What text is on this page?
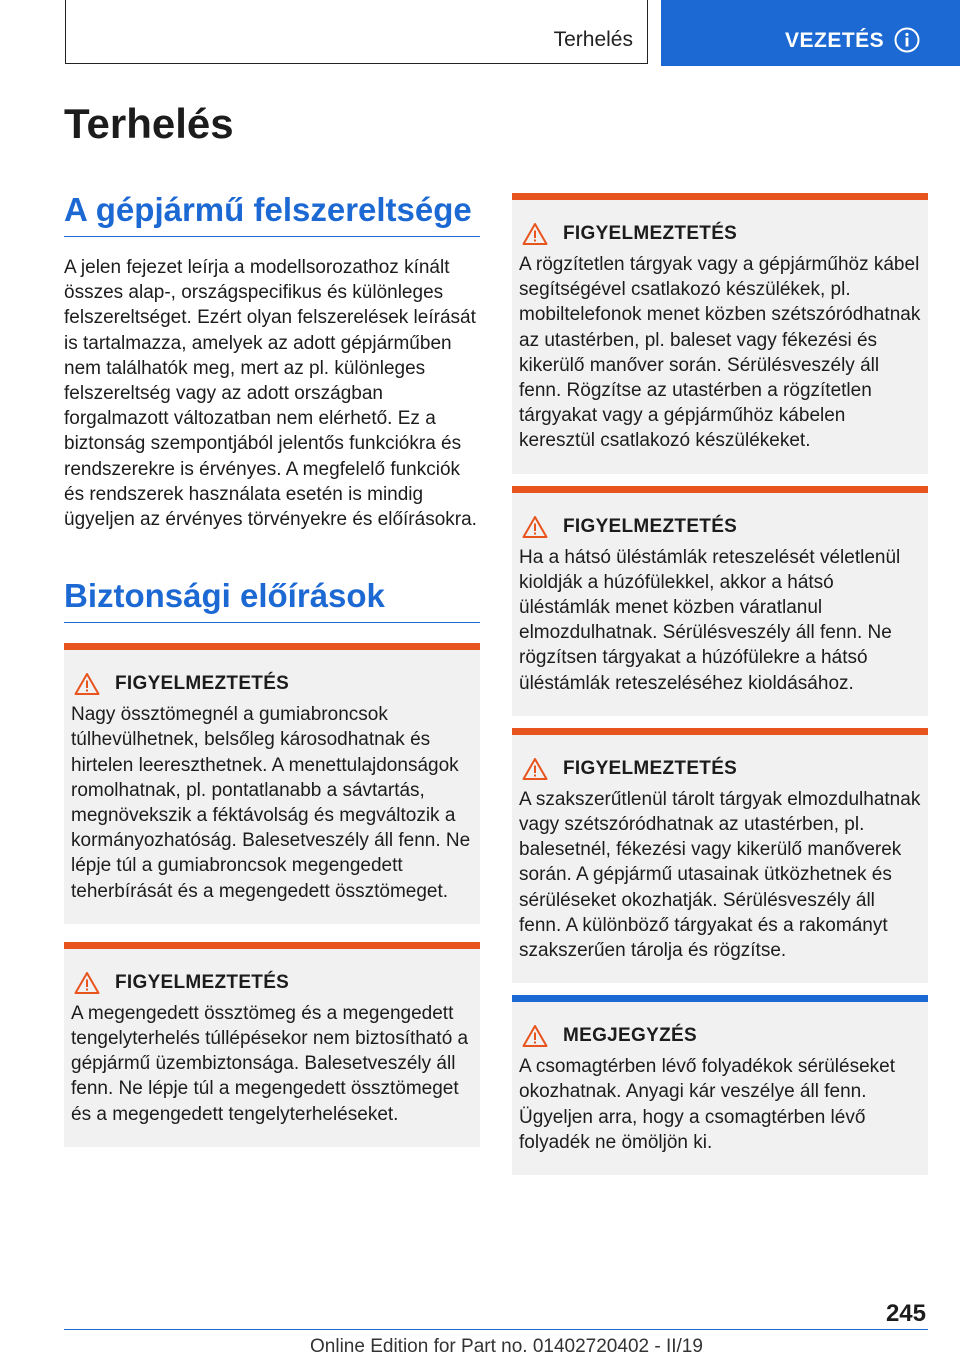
Terhelés	VEZETÉS
Terhelés
A gépjármű felszereltsége

A jelen fejezet leírja a modellsorozathoz kínált összes alap-, országspecifikus és különleges felszereltséget. Ezért olyan felszerelések leírását is tartalmazza, amelyek az adott gépjárműben nem találhatók meg, mert az pl. különleges felszereltség vagy az adott országban forgalmazott változatban nem elérhető. Ez a biztonság szempontjából jelentős funkciókra és rendszerekre is érvényes. A megfelelő funkciók és rendszerek használata esetén is mindig ügyeljen az érvényes törvényekre és előírásokra.

Biztonsági előírások
FIGYELMEZTETÉS

Nagy össztömegnél a gumiabroncsok túlhevülhetnek, belsőleg károsodhatnak és hirtelen leereszthetnek. A menettulajdonságok romolhatnak, pl. pontatlanabb a sávtartás, megnövekszik a féktávolság és megváltozik a kormányozhatóság. Balesetveszély áll fenn. Ne lépje túl a gumiabroncsok megengedett teherbírását és a megengedett össztömeget.

FIGYELMEZTETÉS

A megengedett össztömeg és a megengedett tengelyterhelés túllépésekor nem biztosítható a gépjármű üzembiztonsága. Balesetveszély áll fenn. Ne lépje túl a megengedett össztömeget és a megengedett tengelyterheléseket.

FIGYELMEZTETÉS

A rögzítetlen tárgyak vagy a gépjárműhöz kábel segítségével csatlakozó készülékek, pl. mobiltelefonok menet közben szétszóródhatnak az utastérben, pl. baleset vagy fékezési és kikerülő manőver során. Sérülésveszély áll fenn. Rögzítse az utastérben a rögzítetlen tárgyakat vagy a gépjárműhöz kábelen keresztül csatlakozó készülékeket.

FIGYELMEZTETÉS

Ha a hátsó üléstámlák reteszelését véletlenül kioldják a húzófülekkel, akkor a hátsó üléstámlák menet közben váratlanul elmozdulhatnak. Sérülésveszély áll fenn. Ne rögzítsen tárgyakat a húzófülekre a hátsó üléstámlák reteszeléséhez kioldásához.

FIGYELMEZTETÉS

A szakszerűtlenül tárolt tárgyak elmozdulhatnak vagy szétszóródhatnak az utastérben, pl. balesetnél, fékezési vagy kikerülő manőverek során. A gépjármű utasainak ütközhetnek és sérüléseket okozhatják. Sérülésveszély áll fenn. A különböző tárgyakat és a rakományt szakszerűen tárolja és rögzítse.

MEGJEGYZÉS

A csomagtérben lévő folyadékok sérüléseket okozhatnak. Anyagi kár veszélye áll fenn. Ügyeljen arra, hogy a csomagtérben lévő folyadék ne ömöljön ki.

245
Online Edition for Part no. 01402720402 - II/19
